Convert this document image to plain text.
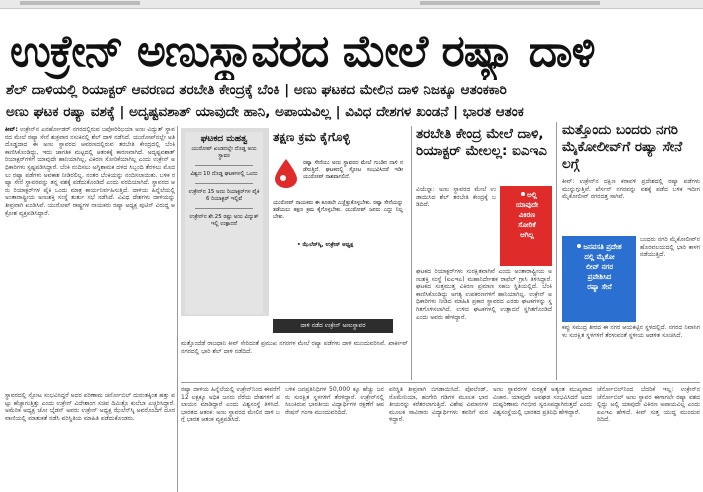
ಉಕ್ರೇನ್ ಅಣುಸ್ಥಾವರದ ಮೇಲೆ ರಷ್ಯಾ ದಾಳಿ
ಶೆಲ್ ದಾಳಿಯಲ್ಲಿ ರಿಯಾಕ್ಟರ್ ಆವರಣದ ತರಬೇತಿ ಕೇಂದ್ರಕ್ಕೆ ಬೆಂಕಿ | ಅಣು ಘಟಕದ ಮೇಲಿನ ದಾಳಿ ನಿಜಕ್ಕೂ ಆತಂಕಕಾರಿ
ಅಣು ಘಟಕ ರಷ್ಯಾ ವಶಕ್ಕೆ | ಅದೃಷ್ಟವಶಾತ್ ಯಾವುದೇ ಹಾನಿ, ಅಪಾಯವಿಲ್ಲ | ವಿವಿಧ ದೇಶಗಳ ಖಂಡನೆ | ಭಾರತ ಆತಂಕ
ಕೀವ್: ಉಕ್ರೇನ್‌ನ ಎನರ್ಹೋಡರ್ ನಗರದಲ್ಲಿರುವ ಜಪೋರಿಝಿಯಾ ಅಣು ವಿದ್ಯುತ್ ಸ್ಥಾವರದ ಮೇಲೆ ರಷ್ಯಾ ಸೇನೆ ಶುಕ್ರವಾರ ನಸುಕಿನಲ್ಲಿ ಶೆಲ್ ದಾಳಿ ನಡೆಸಿದೆ. ಯುರೋಪ್‌ನಲ್ಲೇ ಅತಿ ದೊಡ್ಡದಾದ ಈ ಅಣು ಸ್ಥಾವರದ ಆವರಣದಲ್ಲಿರುವ ತರಬೇತಿ ಕೇಂದ್ರದಲ್ಲಿ ಬೆಂಕಿ ಕಾಣಿಸಿಕೊಂಡಿದ್ದು, ಇದು ಜಾಗತಿಕ ಮಟ್ಟದಲ್ಲಿ ಆತಂಕಕ್ಕೆ ಕಾರಣವಾಗಿದೆ. ಅದೃಷ್ಟವಶಾತ್ ರಿಯಾಕ್ಟರ್‌ಗಳಿಗೆ ಯಾವುದೇ ಹಾನಿಯಾಗಿಲ್ಲ, ವಿಕಿರಣ ಸೋರಿಕೆಯಾಗಿಲ್ಲ ಎಂದು ಉಕ್ರೇನ್ ಅಧಿಕಾರಿಗಳು ಸ್ಪಷ್ಟಪಡಿಸಿದ್ದಾರೆ. ಬೆಂಕಿ ನಂದಿಸಲು ಅಗ್ನಿಶಾಮಕ ದಳದ ಸಿಬ್ಬಂದಿ ತೆರಳಲು ಮೊದಲು ರಷ್ಯಾ ಪಡೆಗಳು ಅವಕಾಶ ನೀಡಿರಲಿಲ್ಲ. ನಂತರ ಬೆಂಕಿಯನ್ನು ನಂದಿಸಲಾಯಿತು. ಬಳಿಕ ರಷ್ಯಾ ಸೇನೆ ಸ್ಥಾವರವನ್ನು ತನ್ನ ವಶಕ್ಕೆ ಪಡೆದುಕೊಂಡಿದೆ ಎಂದು ವರದಿಯಾಗಿದೆ. ಸ್ಥಾವರದ ಆರು ರಿಯಾಕ್ಟರ್‌ಗಳ ಪೈಕಿ ಒಂದು ಮಾತ್ರ ಕಾರ್ಯನಿರ್ವಹಿಸುತ್ತಿದೆ. ದಾಳಿಯ ಹಿನ್ನೆಲೆಯಲ್ಲಿ ಅಂತಾರಾಷ್ಟ್ರೀಯ ಅಣುಶಕ್ತಿ ಸಂಸ್ಥೆ ತುರ್ತು ಸಭೆ ನಡೆಸಿದೆ. ವಿವಿಧ ದೇಶಗಳು ದಾಳಿಯನ್ನು ತೀವ್ರವಾಗಿ ಖಂಡಿಸಿವೆ. ಯುರೋಪ್ ರಾಷ್ಟ್ರಗಳ ನಾಯಕರು ರಷ್ಯಾ ಅಧ್ಯಕ್ಷ ಪುಟಿನ್ ವಿರುದ್ಧ ಆಕ್ರೋಶ ವ್ಯಕ್ತಪಡಿಸಿದ್ದಾರೆ.
ಸ್ಥಾವರದಲ್ಲಿ ಸ್ಫೋಟ ಸಂಭವಿಸಿದ್ದರೆ ಅದರ ಪರಿಣಾಮ ಚರ್ನೋಬಿಲ್ ದುರಂತಕ್ಕಿಂತ ಹತ್ತು ಪಟ್ಟು ಹೆಚ್ಚಾಗುತ್ತಿತ್ತು ಎಂದು ಉಕ್ರೇನ್ ವಿದೇಶಾಂಗ ಸಚಿವ ದಿಮಿತ್ರೊ ಕುಲೆಬಾ ಎಚ್ಚರಿಸಿದ್ದಾರೆ. ಅಮೆರಿಕ ಅಧ್ಯಕ್ಷ ಜೋ ಬೈಡನ್ ಅವರು ಉಕ್ರೇನ್ ಅಧ್ಯಕ್ಷ ಝೆಲೆನ್‌ಸ್ಕಿ ಅವರೊಂದಿಗೆ ದೂರವಾಣಿಯಲ್ಲಿ ಮಾತುಕತೆ ನಡೆಸಿ ಪರಿಸ್ಥಿತಿಯ ಮಾಹಿತಿ ಪಡೆದುಕೊಂಡರು.
ಘಟಕದ ಮಹತ್ವ
ಯುರೋಪ್ ಖಂಡದಲ್ಲೇ ದೊಡ್ಡ ಅಣು ಸ್ಥಾವರ
ವಿಶ್ವದ 10 ದೊಡ್ಡ ಘಟಕಗಳಲ್ಲಿ ಒಂದು
ಉಕ್ರೇನ್‌ನ 15 ಅಣು ರಿಯಾಕ್ಟರ್‌ಗಳ ಪೈಕಿ 6 ರಿಯಾಕ್ಟರ್ ಇಲ್ಲಿವೆ
ಉಕ್ರೇನ್‌ನ ಶೇ.25 ರಷ್ಟು ಅಣು ವಿದ್ಯುತ್ ಇಲ್ಲಿ ಉತ್ಪಾದನೆ
ತಕ್ಷಣ ಕ್ರಮ ಕೈಗೊಳ್ಳಿ
ರಷ್ಯಾ ಸೇನೆಯು ಅಣು ಸ್ಥಾವರದ ಮೇಲೆ ಗುಂಡಿನ ದಾಳಿ ನಡೆಸುತ್ತಿದೆ. ಘಟಕದಲ್ಲಿ ಸ್ಫೋಟ ಸಂಭವಿಸಿದರೆ ಇಡೀ ಯುರೋಪ್ ನಾಶವಾಗಲಿದೆ.
ಯುರೋಪ್ ನಾಯಕರು ಈ ಕೂಡಲೇ ಎಚ್ಚೆತ್ತುಕೊಳ್ಳಬೇಕು. ರಷ್ಯಾ ಸೇನೆಯನ್ನು ತಡೆಯಲು ತಕ್ಷಣ ಕ್ರಮ ಕೈಗೊಳ್ಳಬೇಕು. ಯುರೋಪ್ ಜನರು ಎದ್ದು ನಿಲ್ಲಬೇಕು.
• ಝೆಲೆನ್‌ಸ್ಕಿ, ಉಕ್ರೇನ್ ಅಧ್ಯಕ್ಷ
ದಾಳಿ ನಡೆದ ಉಕ್ರೇನ್ ಅಣುಸ್ಥಾವರ
ಮತ್ತೊಂದೆಡೆ ರಾಜಧಾನಿ ಕೀವ್ ಸೇರಿದಂತೆ ಪ್ರಮುಖ ನಗರಗಳ ಮೇಲೆ ರಷ್ಯಾ ಪಡೆಗಳು ದಾಳಿ ಮುಂದುವರಿಸಿವೆ. ಖಾರ್ಕೀವ್ ನಗರದಲ್ಲಿ ಭಾರಿ ಶೆಲ್ ದಾಳಿ ನಡೆದಿದೆ.
ತರಬೇತಿ ಕೇಂದ್ರ ಮೇಲೆ ದಾಳಿ, ರಿಯಾಕ್ಟರ್ ಮೇಲಲ್ಲ: ಐಎಇಎ
ವಿಯೆನ್ನಾ: ಅಣು ಸ್ಥಾವರದ ಮೇಲೆ ಉಡಾಯಿಸಿದ ಶೆಲ್ ತರಬೇತಿ ಕೇಂದ್ರಕ್ಕೆ ಬಡಿದಿದೆ.
ಅಲ್ಲಿ
ಯಾವುದೇ
ವಿಕಿರಣ
ಸೋರಿಕೆ
ಆಗಿಲ್ಲ
ಘಟಕದ ರಿಯಾಕ್ಟರ್‌ಗಳು ಸುರಕ್ಷಿತವಾಗಿವೆ ಎಂದು ಅಂತಾರಾಷ್ಟ್ರೀಯ ಅಣುಶಕ್ತಿ ಸಂಸ್ಥೆ (ಐಎಇಎ) ಮಹಾನಿರ್ದೇಶಕ ರಾಫೆಲ್ ಗ್ರಾಸಿ ತಿಳಿಸಿದ್ದಾರೆ. ಘಟಕದ ಸುತ್ತಮುತ್ತ ವಿಕಿರಣ ಪ್ರಮಾಣ ಸಹಜ ಸ್ಥಿತಿಯಲ್ಲಿದೆ. ಬೆಂಕಿ ಕಾಣಿಸಿಕೊಂಡಿದ್ದು ಅಗತ್ಯ ಉಪಕರಣಗಳಿಗೆ ಹಾನಿಯಾಗಿಲ್ಲ. ಉಕ್ರೇನ್ ಅಧಿಕಾರಿಗಳು ನೀಡಿದ ಮಾಹಿತಿ ಪ್ರಕಾರ ಸ್ಥಾವರದ ಎರಡು ಘಟಕಗಳನ್ನು ಸ್ಥಗಿತಗೊಳಿಸಲಾಗಿದೆ. ಉಳಿದ ಘಟಕಗಳಲ್ಲಿ ಉತ್ಪಾದನೆ ಸ್ಥಗಿತಗೊಂಡಿದೆ ಎಂದು ಅವರು ಹೇಳಿದ್ದಾರೆ.
ಮತ್ತೊಂದು ಬಂದರು ನಗರಿ ಮೈಕೋಲೀವ್‌ಗೆ ರಷ್ಯಾ ಸೇನೆ ಲಗ್ಗೆ
ಕೀವ್: ಉಕ್ರೇನ್‌ನ ದಕ್ಷಿಣ ಕರಾವಳಿ ಪ್ರದೇಶದಲ್ಲಿ ರಷ್ಯಾ ಪಡೆಗಳು ಮುನ್ನುಗ್ಗುತ್ತಿವೆ. ಖೆರ್ಸನ್ ನಗರವನ್ನು ವಶಕ್ಕೆ ಪಡೆದ ಬಳಿಕ ಇದೀಗ ಮೈಕೋಲೀವ್ ನಗರದತ್ತ ಸಾಗಿವೆ.
ಜನವಸತಿ ಪ್ರದೇಶ
ದಲ್ಲಿ ಮೈಕೋ
ಲೀವ್ ನಗರ
ಪ್ರವೇಶಿಸಿದ
ರಷ್ಯಾ ಸೇನೆ
ಬಂದರು ನಗರಿ ಮೈಕೋಲೀವ್‌ನ ಹೊರವಲಯದಲ್ಲಿ ಭಾರಿ ಕಾಳಗ ನಡೆಯುತ್ತಿದೆ.
ಕಪ್ಪು ಸಮುದ್ರ ತೀರದ ಈ ನಗರ ಆಯಕಟ್ಟಿನ ಸ್ಥಳದಲ್ಲಿದೆ. ನಗರದ ನಿವಾಸಿಗಳು ಸುರಕ್ಷಿತ ಸ್ಥಳಗಳಿಗೆ ತೆರಳುವಂತೆ ಸ್ಥಳೀಯ ಆಡಳಿತ ಸೂಚಿಸಿದೆ.
ರಷ್ಯಾ ದಾಳಿಯ ಹಿನ್ನೆಲೆಯಲ್ಲಿ ಉಕ್ರೇನ್‌ನಿಂದ ಈವರೆಗೆ 12 ಲಕ್ಷಕ್ಕೂ ಅಧಿಕ ಜನರು ನೆರೆಯ ದೇಶಗಳಿಗೆ ಪಲಾಯನ ಮಾಡಿದ್ದಾರೆ ಎಂದು ವಿಶ್ವಸಂಸ್ಥೆ ತಿಳಿಸಿದೆ. ಭಾರತದ ಆತಂಕ: ಅಣು ಸ್ಥಾವರದ ಮೇಲಿನ ದಾಳಿ ಬಗ್ಗೆ ಭಾರತ ಆತಂಕ ವ್ಯಕ್ತಪಡಿಸಿದೆ.
ಬಳಿಕ ಜನಪ್ರತಿನಿಧಿಗಳ 50,000 ಕ್ಕೂ ಹೆಚ್ಚು ಜನರು ಸುರಕ್ಷಿತ ಸ್ಥಳಗಳಿಗೆ ತೆರಳಿದ್ದಾರೆ. ಉಕ್ರೇನ್‌ನಲ್ಲಿ ಸಿಲುಕಿರುವ ಭಾರತೀಯ ವಿದ್ಯಾರ್ಥಿಗಳ ರಕ್ಷಣೆಗೆ ಆಪರೇಷನ್ ಗಂಗಾ ಮುಂದುವರಿದಿದೆ.
ಪರಿಸ್ಥಿತಿ ತೀವ್ರವಾಗಿ ಬಿಗಡಾಯಿಸಿದೆ. ಪೋಲೆಂಡ್, ರೊಮೇನಿಯಾ, ಹಂಗೇರಿ ಗಡಿಗಳ ಮೂಲಕ ಭಾರತೀಯರನ್ನು ಕರೆತರಲಾಗುತ್ತಿದೆ. ವಿಶೇಷ ವಿಮಾನಗಳ ಮೂಲಕ ಸಾವಿರಾರು ವಿದ್ಯಾರ್ಥಿಗಳು ತವರಿಗೆ ಮರಳಿದ್ದಾರೆ.
ಅಣು ಸ್ಥಾವರಗಳ ಸುರಕ್ಷತೆ ಅತ್ಯಂತ ಮುಖ್ಯವಾದ ವಿಚಾರ. ಯಾವುದೇ ಅವಘಡ ಸಂಭವಿಸಿದರೆ ಅದರ ದುಷ್ಪರಿಣಾಮ ಗಂಭೀರ ಸ್ವರೂಪದ್ದಾಗಿರುತ್ತದೆ ಎಂದು ವಿಶ್ವಸಂಸ್ಥೆಯಲ್ಲಿ ಭಾರತದ ಪ್ರತಿನಿಧಿ ಹೇಳಿದ್ದಾರೆ.
ಚೆರ್ನೋಬಿಲ್‌ನಿಂದ ಬೆದರಿಕೆ ಇಲ್ಲ: ಉಕ್ರೇನ್‌ನ ಚೆರ್ನೋಬಿಲ್ ಅಣು ಸ್ಥಾವರ ಈಗಾಗಲೇ ರಷ್ಯಾ ವಶದಲ್ಲಿದ್ದು ಅಲ್ಲಿ ಯಾವುದೇ ವಿಕಿರಣ ಅಪಾಯವಿಲ್ಲ ಎಂದು ಐಎಇಎ ಹೇಳಿದೆ. ಕೀವ್ ಸುತ್ತ ಯುದ್ಧ ಮುಂದುವರಿದಿದೆ.
